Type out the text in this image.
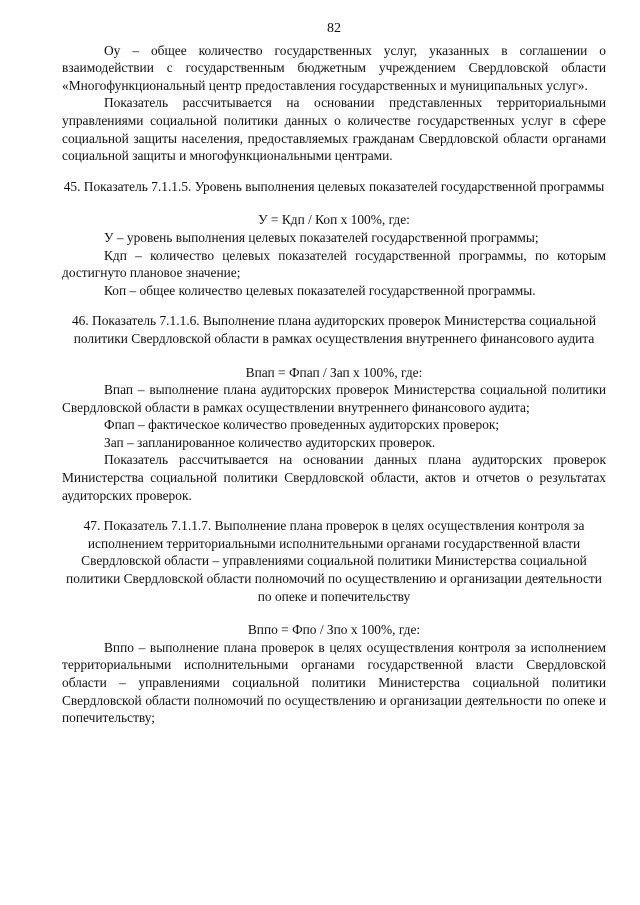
82

Оу – общее количество государственных услуг, указанных в соглашении о взаимодействии с государственным бюджетным учреждением Свердловской области «Многофункциональный центр предоставления государственных и муниципальных услуг».

Показатель рассчитывается на основании представленных территориальными управлениями социальной политики данных о количестве государственных услуг в сфере социальной защиты населения, предоставляемых гражданам Свердловской области органами социальной защиты и многофункциональными центрами.

45. Показатель 7.1.1.5. Уровень выполнения целевых показателей государственной программы

У = Кдп / Коп x 100%, где:

У – уровень выполнения целевых показателей государственной программы;

Кдп – количество целевых показателей государственной программы, по которым достигнуто плановое значение;

Коп – общее количество целевых показателей государственной программы.

46. Показатель 7.1.1.6. Выполнение плана аудиторских проверок Министерства социальной политики Свердловской области в рамках осуществления внутреннего финансового аудита

Впап = Фпап / Зап x 100%, где:

Впап – выполнение плана аудиторских проверок Министерства социальной политики Свердловской области в рамках осуществлении внутреннего финансового аудита;

Фпап – фактическое количество проведенных аудиторских проверок;

Зап – запланированное количество аудиторских проверок.

Показатель рассчитывается на основании данных плана аудиторских проверок Министерства социальной политики Свердловской области, актов и отчетов о результатах аудиторских проверок.

47. Показатель 7.1.1.7. Выполнение плана проверок в целях осуществления контроля за исполнением территориальными исполнительными органами государственной власти Свердловской области – управлениями социальной политики Министерства социальной политики Свердловской области полномочий по осуществлению и организации деятельности по опеке и попечительству

Вппо = Фпо / Зпо x 100%, где:

Вппо – выполнение плана проверок в целях осуществления контроля за исполнением территориальными исполнительными органами государственной власти Свердловской области – управлениями социальной политики Министерства социальной политики Свердловской области полномочий по осуществлению и организации деятельности по опеке и попечительству;
